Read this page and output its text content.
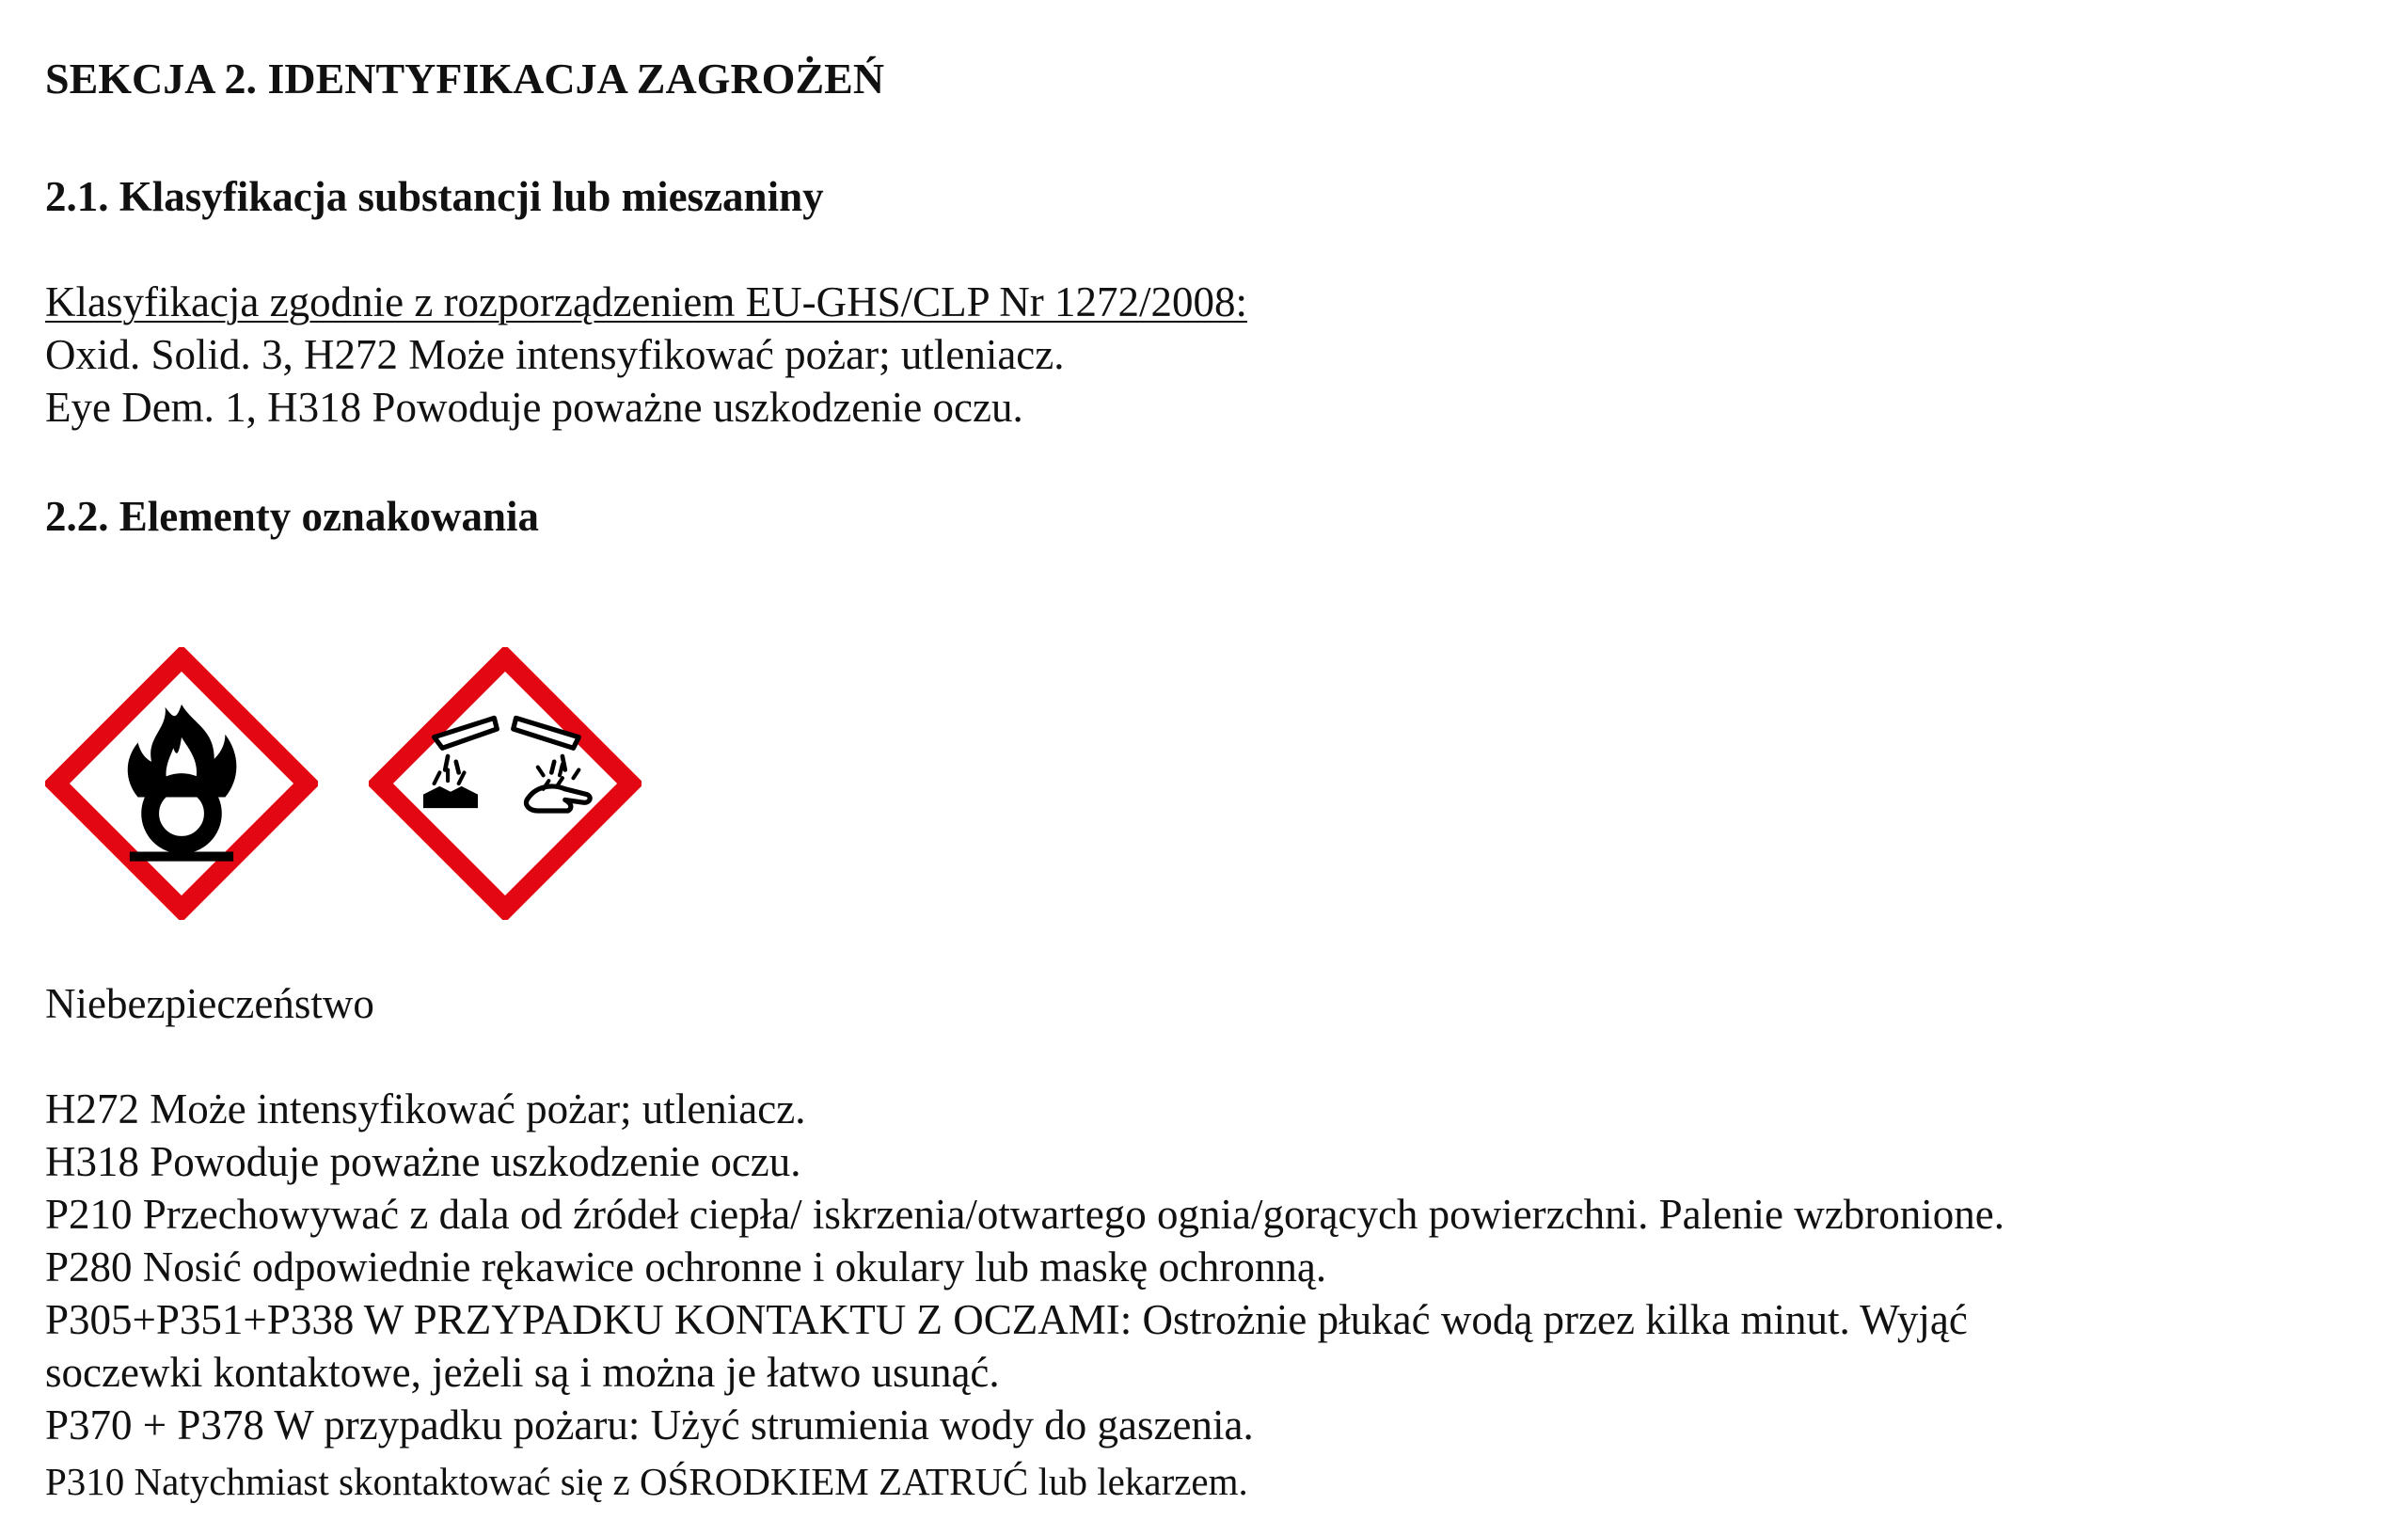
SEKCJA 2. IDENTYFIKACJA ZAGROŻEŃ
2.1. Klasyfikacja substancji lub mieszaniny
Klasyfikacja zgodnie z rozporządzeniem EU-GHS/CLP Nr 1272/2008:
Oxid. Solid. 3, H272 Może intensyfikować pożar; utleniacz.
Eye Dem. 1, H318 Powoduje poważne uszkodzenie oczu.
2.2. Elementy oznakowania
Niebezpieczeństwo
H272 Może intensyfikować pożar; utleniacz.
H318 Powoduje poważne uszkodzenie oczu.
P210 Przechowywać z dala od źródeł ciepła/ iskrzenia/otwartego ognia/gorących powierzchni. Palenie wzbronione.
P280 Nosić odpowiednie rękawice ochronne i okulary lub maskę ochronną.
P305+P351+P338 W PRZYPADKU KONTAKTU Z OCZAMI: Ostrożnie płukać wodą przez kilka minut. Wyjąć
soczewki kontaktowe, jeżeli są i można je łatwo usunąć.
P370 + P378 W przypadku pożaru: Użyć strumienia wody do gaszenia.
P310 Natychmiast skontaktować się z OŚRODKIEM ZATRUĆ lub lekarzem.
